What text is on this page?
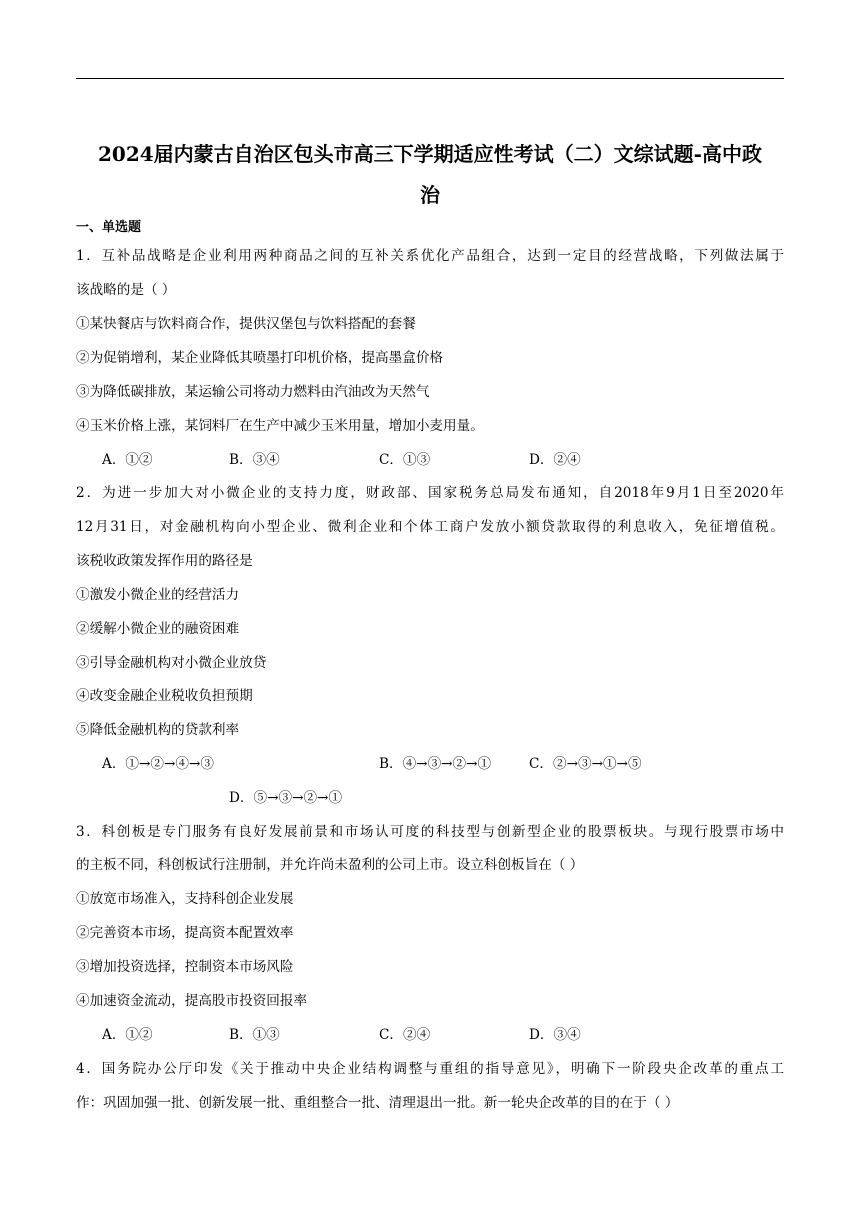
2024届内蒙古自治区包头市高三下学期适应性考试（二）文综试题-高中政
治
一、单选题
1．互补品战略是企业利用两种商品之间的互补关系优化产品组合，达到一定目的经营战略，下列做法属于
该战略的是（ ）
①某快餐店与饮料商合作，提供汉堡包与饮料搭配的套餐
②为促销增利，某企业降低其喷墨打印机价格，提高墨盒价格
③为降低碳排放，某运输公司将动力燃料由汽油改为天然气
④玉米价格上涨，某饲料厂在生产中减少玉米用量，增加小麦用量。
A．①②	B．③④	C．①③	D．②④
2．为进一步加大对小微企业的支持力度，财政部、国家税务总局发布通知，自2018年9月1日至2020年
12月31日，对金融机构向小型企业、微利企业和个体工商户发放小额贷款取得的利息收入，免征增值税。
该税收政策发挥作用的路径是
①激发小微企业的经营活力
②缓解小微企业的融资困难
③引导金融机构对小微企业放贷
④改变金融企业税收负担预期
⑤降低金融机构的贷款利率
A．①→②→④→③	B．④→③→②→①	C．②→③→①→⑤
D．⑤→③→②→①
3．科创板是专门服务有良好发展前景和市场认可度的科技型与创新型企业的股票板块。与现行股票市场中
的主板不同，科创板试行注册制，并允许尚未盈利的公司上市。设立科创板旨在（ ）
①放宽市场准入，支持科创企业发展
②完善资本市场，提高资本配置效率
③增加投资选择，控制资本市场风险
④加速资金流动，提高股市投资回报率
A．①②	B．①③	C．②④	D．③④
4．国务院办公厅印发《关于推动中央企业结构调整与重组的指导意见》，明确下一阶段央企改革的重点工
作：巩固加强一批、创新发展一批、重组整合一批、清理退出一批。新一轮央企改革的目的在于（ ）
